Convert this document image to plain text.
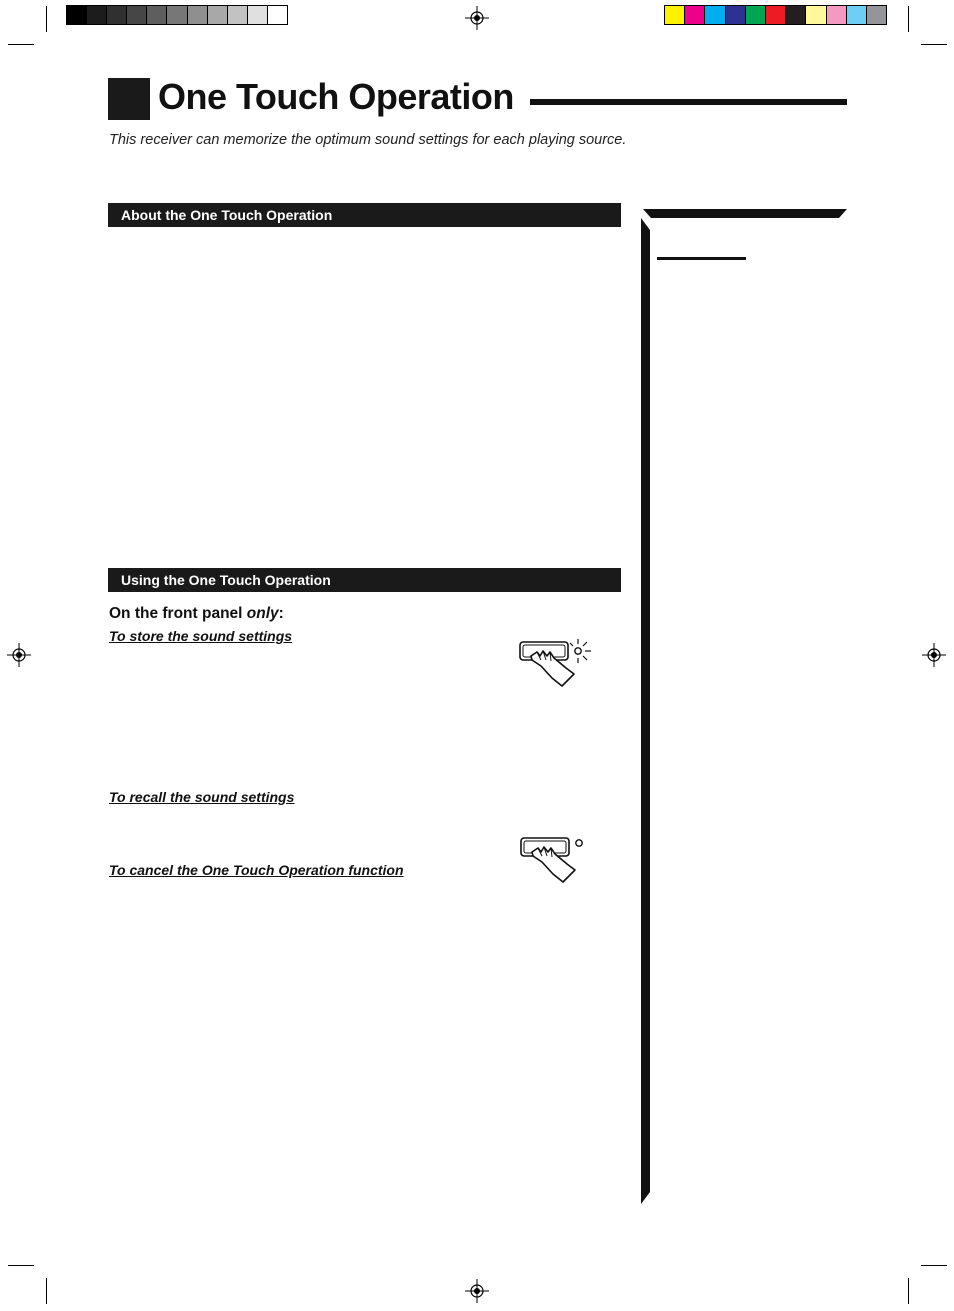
One Touch Operation
This receiver can memorize the optimum sound settings for each playing source.
About the One Touch Operation
Using the One Touch Operation
On the front panel only:
To store the sound settings
To recall the sound settings
To cancel the One Touch Operation function
